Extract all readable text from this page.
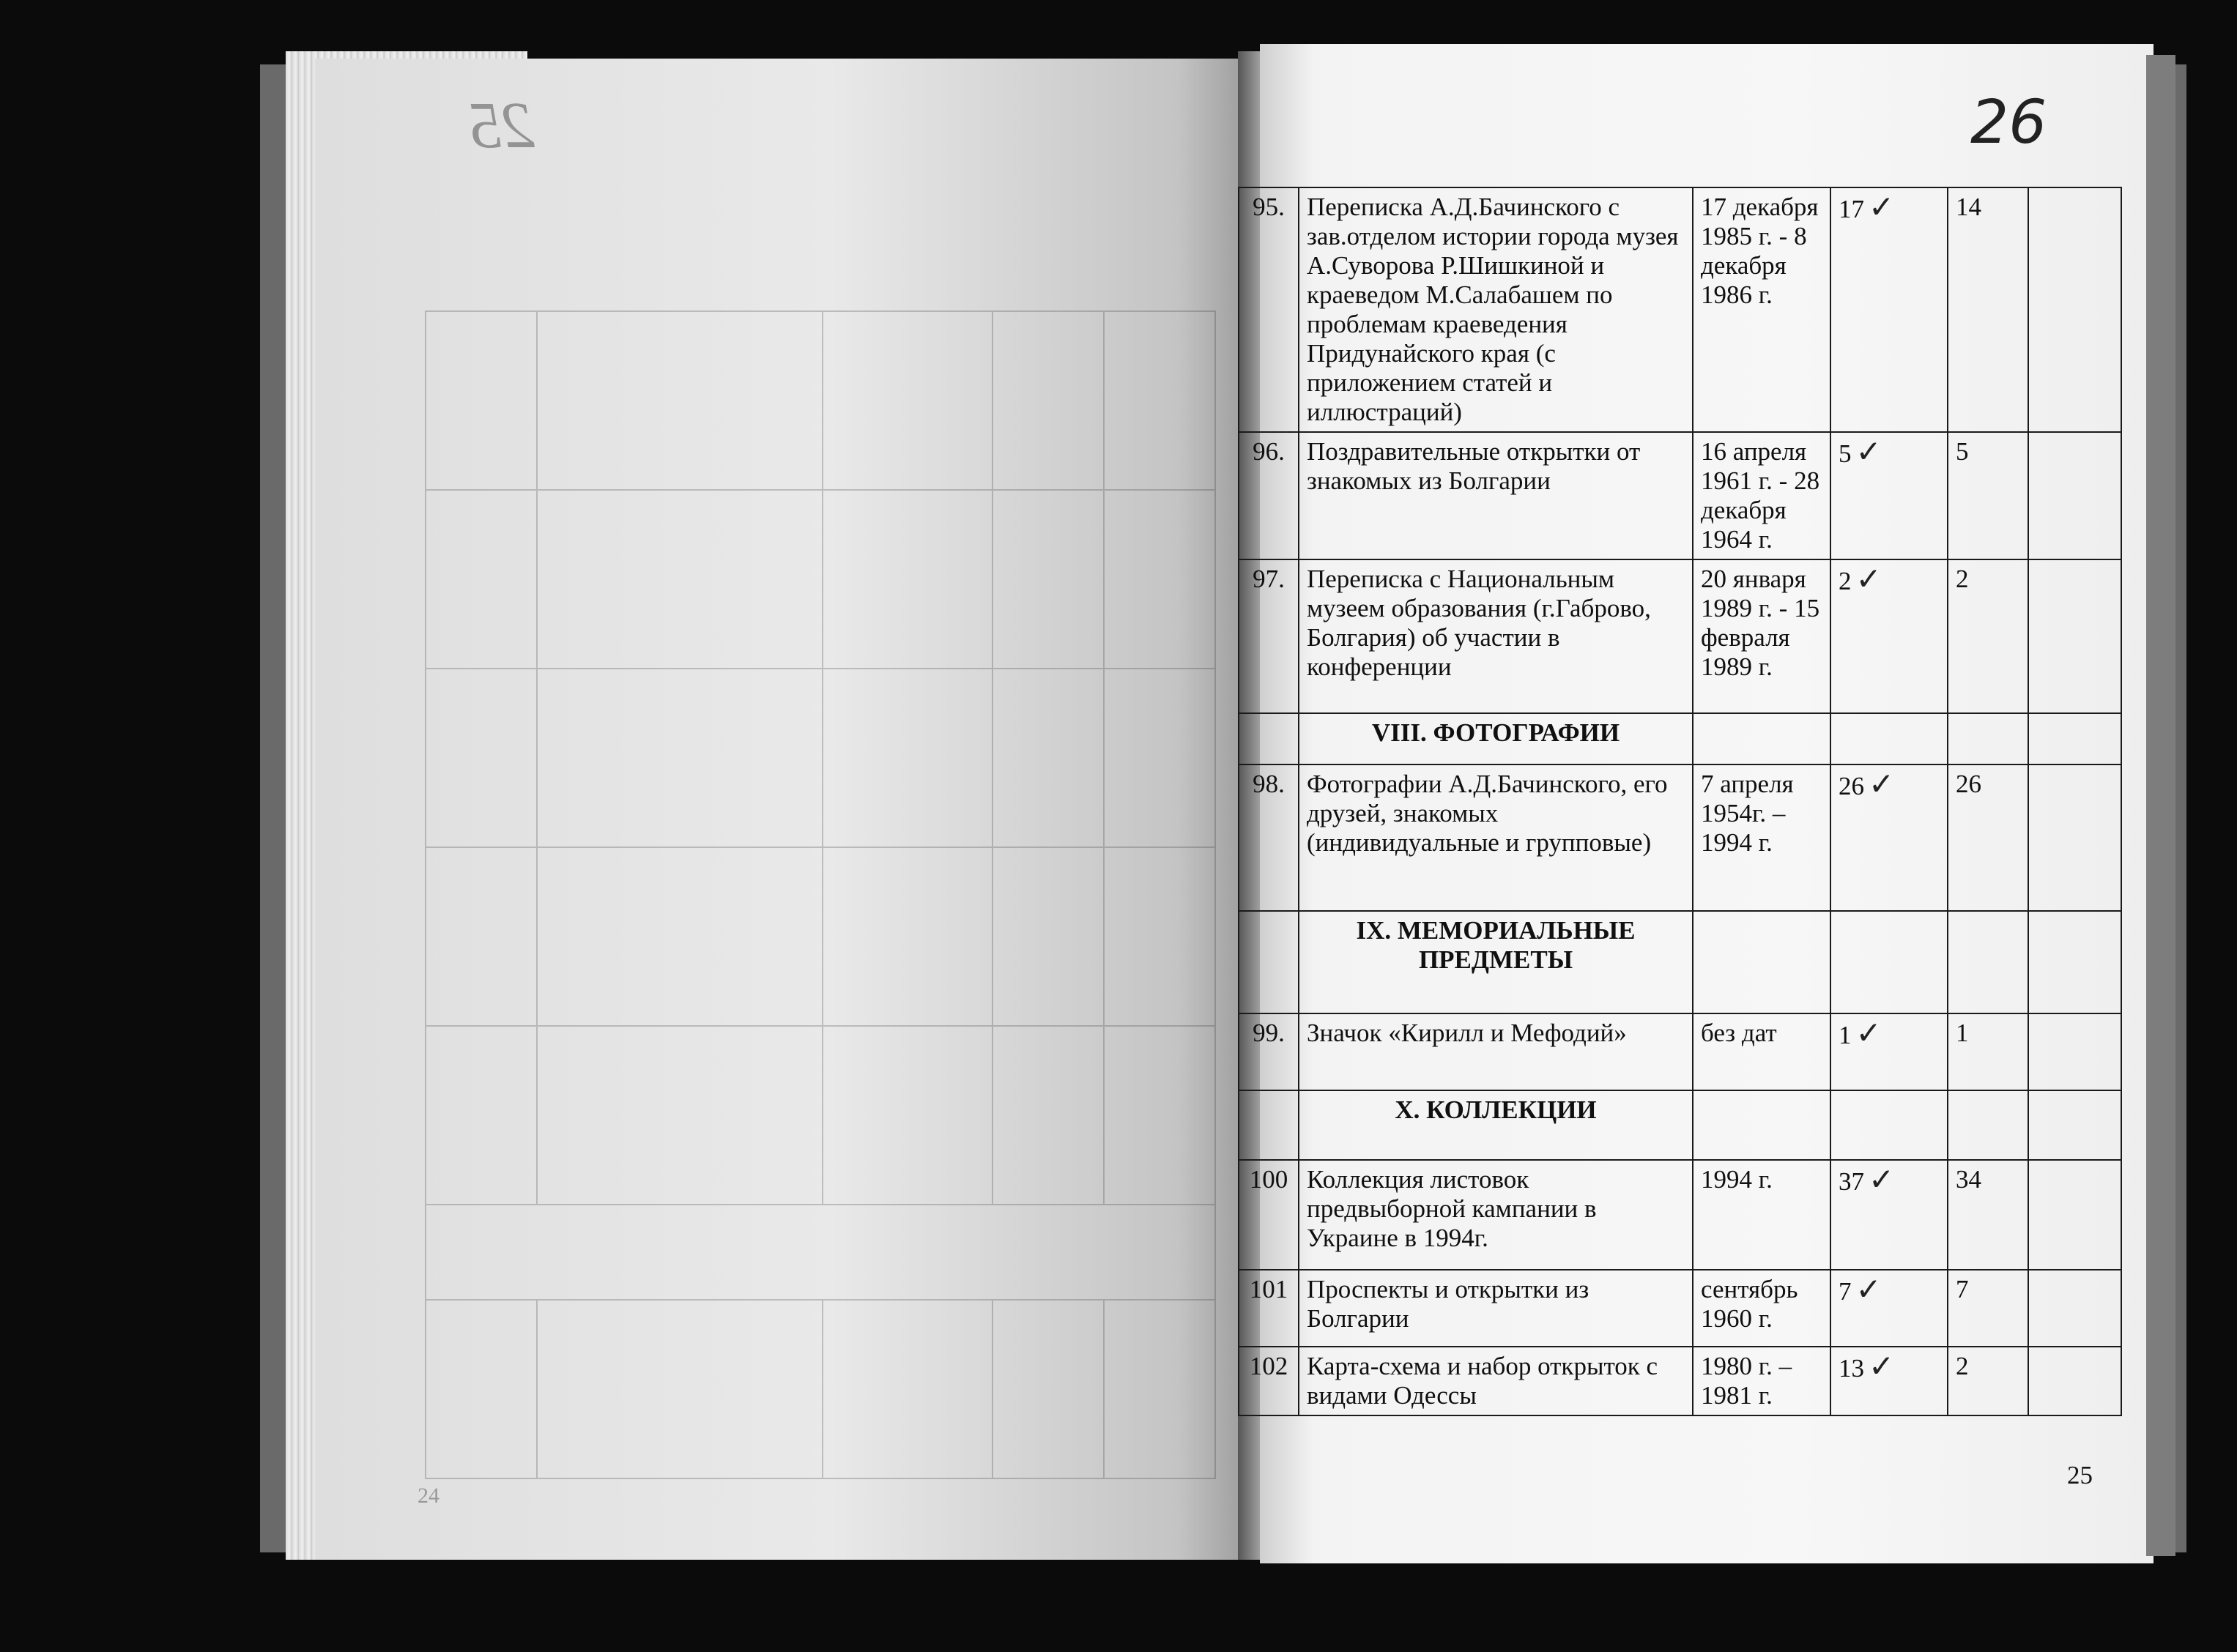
25

24
26
95.	Переписка А.Д.Бачинского с зав.отделом истории города музея А.Суворова Р.Шишкиной и краеведом М.Салабашем по проблемам краеведения Придунайского края (с приложением статей и иллюстраций)	17 декабря 1985 г. - 8 декабря 1986 г.	17 ✓	14	
96.	Поздравительные открытки от знакомых из Болгарии	16 апреля 1961 г. - 28 декабря 1964 г.	5 ✓	5	
97.	Переписка с Национальным музеем образования (г.Габрово, Болгария) об участии в конференции	20 января 1989 г. - 15 февраля 1989 г.	2 ✓	2	
	VIII. ФОТОГРАФИИ				
98.	Фотографии А.Д.Бачинского, его друзей, знакомых (индивидуальные и групповые)	7 апреля 1954г. – 1994 г.	26 ✓	26	
	IX. МЕМОРИАЛЬНЫЕ ПРЕДМЕТЫ				
99.	Значок «Кирилл и Мефодий»	без дат	1 ✓	1	
	Х. КОЛЛЕКЦИИ				
100	Коллекция листовок предвыборной кампании в Украине в 1994г.	1994 г.	37 ✓	34	
101	Проспекты и открытки из Болгарии	сентябрь 1960 г.	7 ✓	7	
102	Карта-схема и набор открыток с видами Одессы	1980 г. – 1981 г.	13 ✓	2	
25
